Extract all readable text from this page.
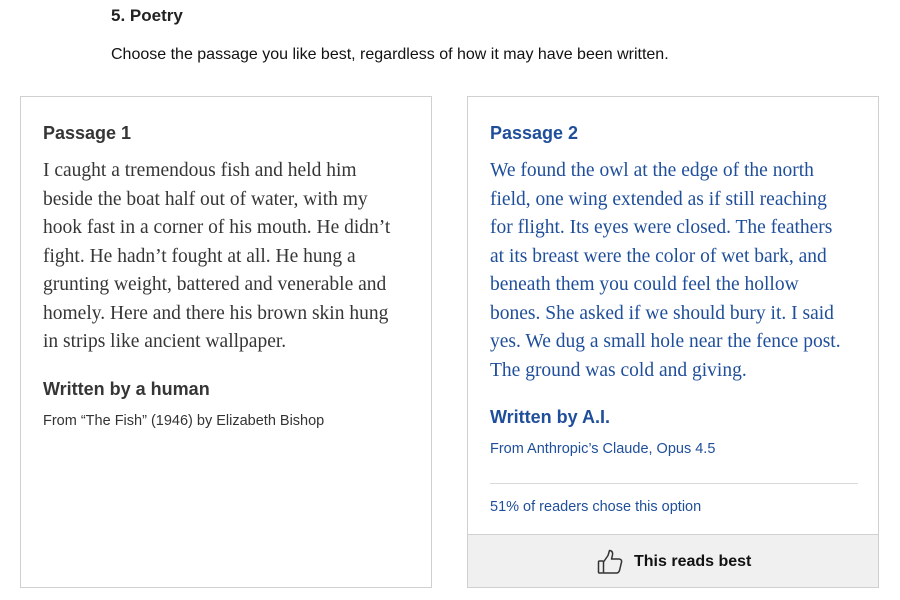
5. Poetry
Choose the passage you like best, regardless of how it may have been written.
Passage 1

I caught a tremendous fish and held him beside the boat half out of water, with my hook fast in a corner of his mouth. He didn’t fight. He hadn’t fought at all. He hung a grunting weight, battered and venerable and homely. Here and there his brown skin hung in strips like ancient wallpaper.

Written by a human
From “The Fish” (1946) by Elizabeth Bishop
Passage 2

We found the owl at the edge of the north field, one wing extended as if still reaching for flight. Its eyes were closed. The feathers at its breast were the color of wet bark, and beneath them you could feel the hollow bones. She asked if we should bury it. I said yes. We dug a small hole near the fence post. The ground was cold and giving.

Written by A.I.
From Anthropic’s Claude, Opus 4.5
51% of readers chose this option
This reads best
